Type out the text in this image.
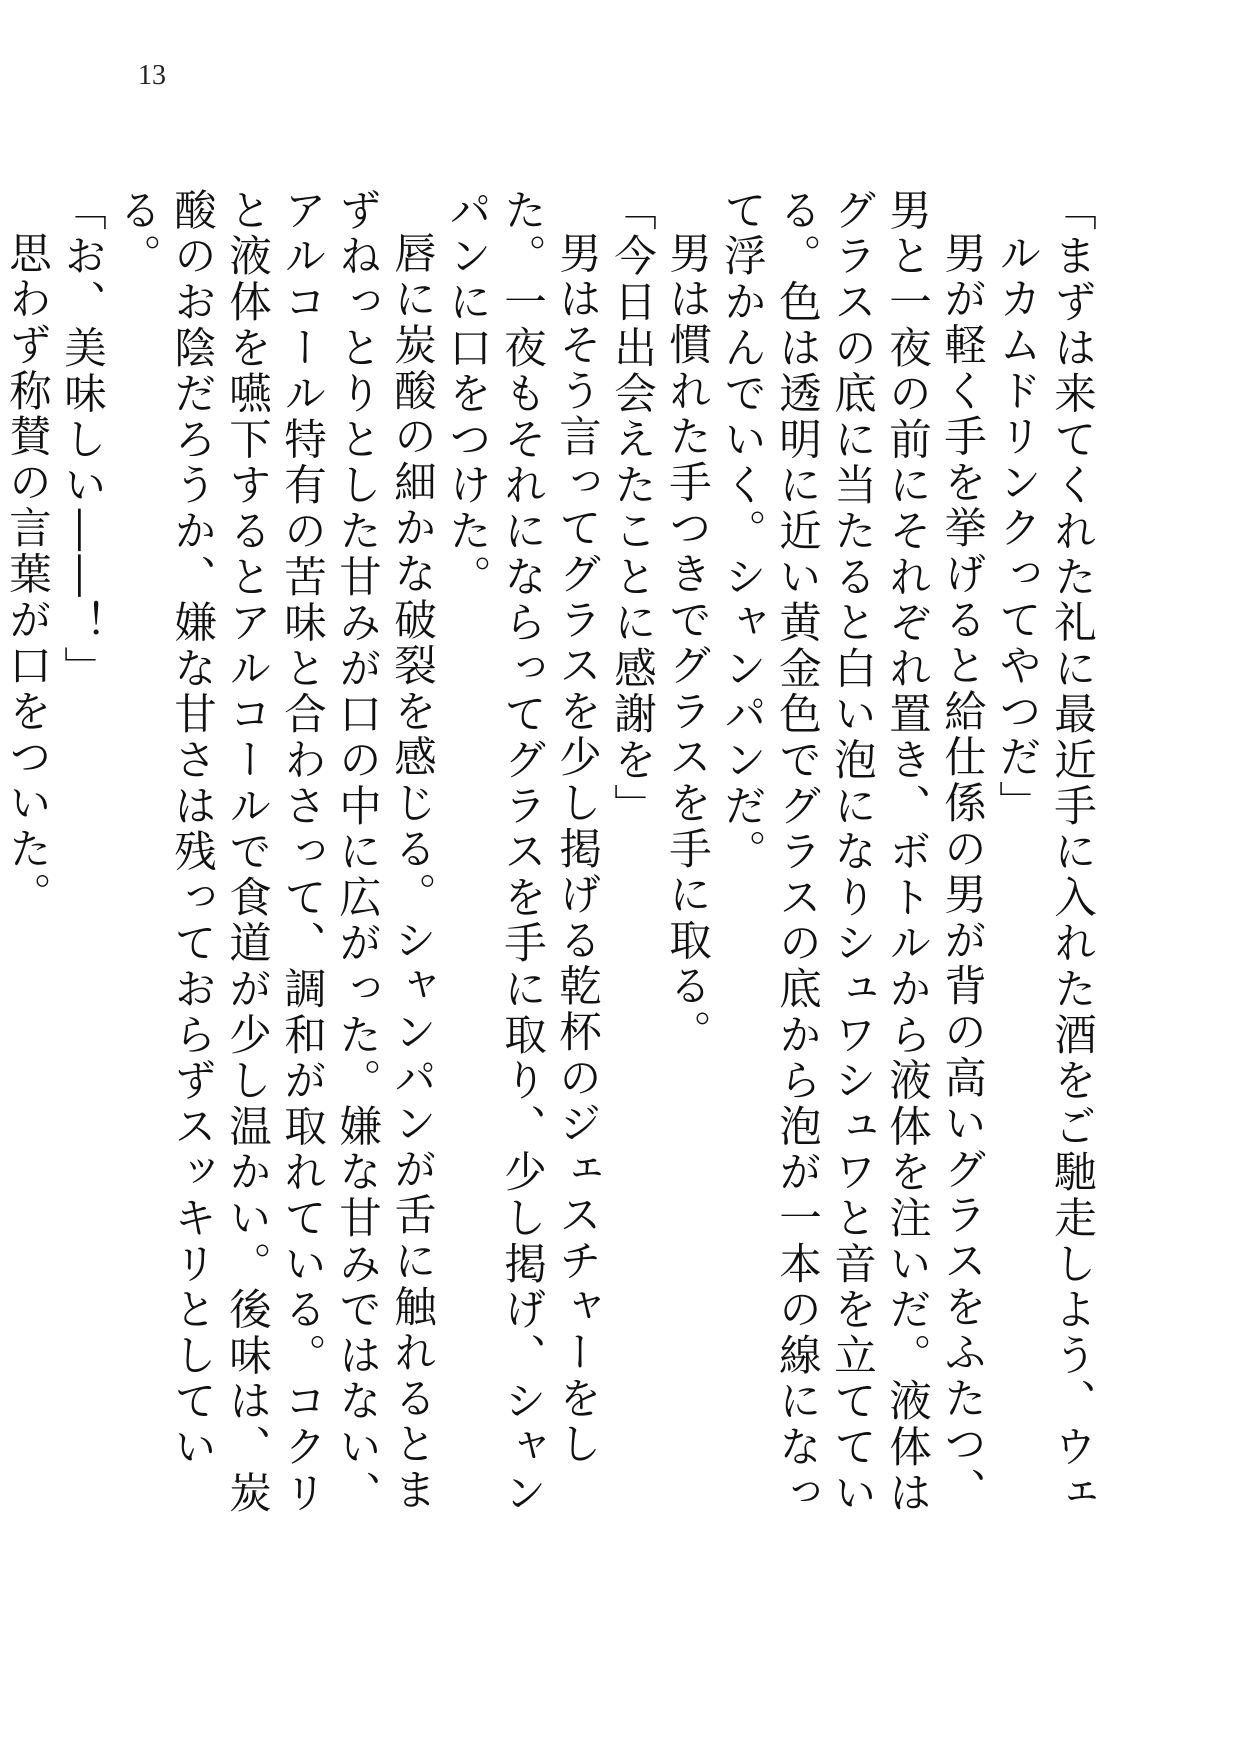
13

「まずは来てくれた礼に最近手に入れた酒をご馳走しよう、ウェルカムドリンクってやつだ」

男が軽く手を挙げると給仕係の男が背の高いグラスをふたつ、男と一夜の前にそれぞれ置き、ボトルから液体を注いだ。液体はグラスの底に当たると白い泡になりシュワシュワと音を立てている。色は透明に近い黄金色でグラスの底から泡が一本の線になって浮かんでいく。シャンパンだ。

男は慣れた手つきでグラスを手に取る。

「今日出会えたことに感謝を」

男はそう言ってグラスを少し掲げる乾杯のジェスチャーをした。一夜もそれにならってグラスを手に取り、少し掲げ、シャンパンに口をつけた。

唇に炭酸の細かな破裂を感じる。シャンパンが舌に触れるとまずねっとりとした甘みが口の中に広がった。嫌な甘みではない、アルコール特有の苦味と合わさって、調和が取れている。コクリと液体を嚥下するとアルコールで食道が少し温かい。後味は、炭酸のお陰だろうか、嫌な甘さは残っておらずスッキリとしている。

「お、美味しい――！」

思わず称賛の言葉が口をついた。
